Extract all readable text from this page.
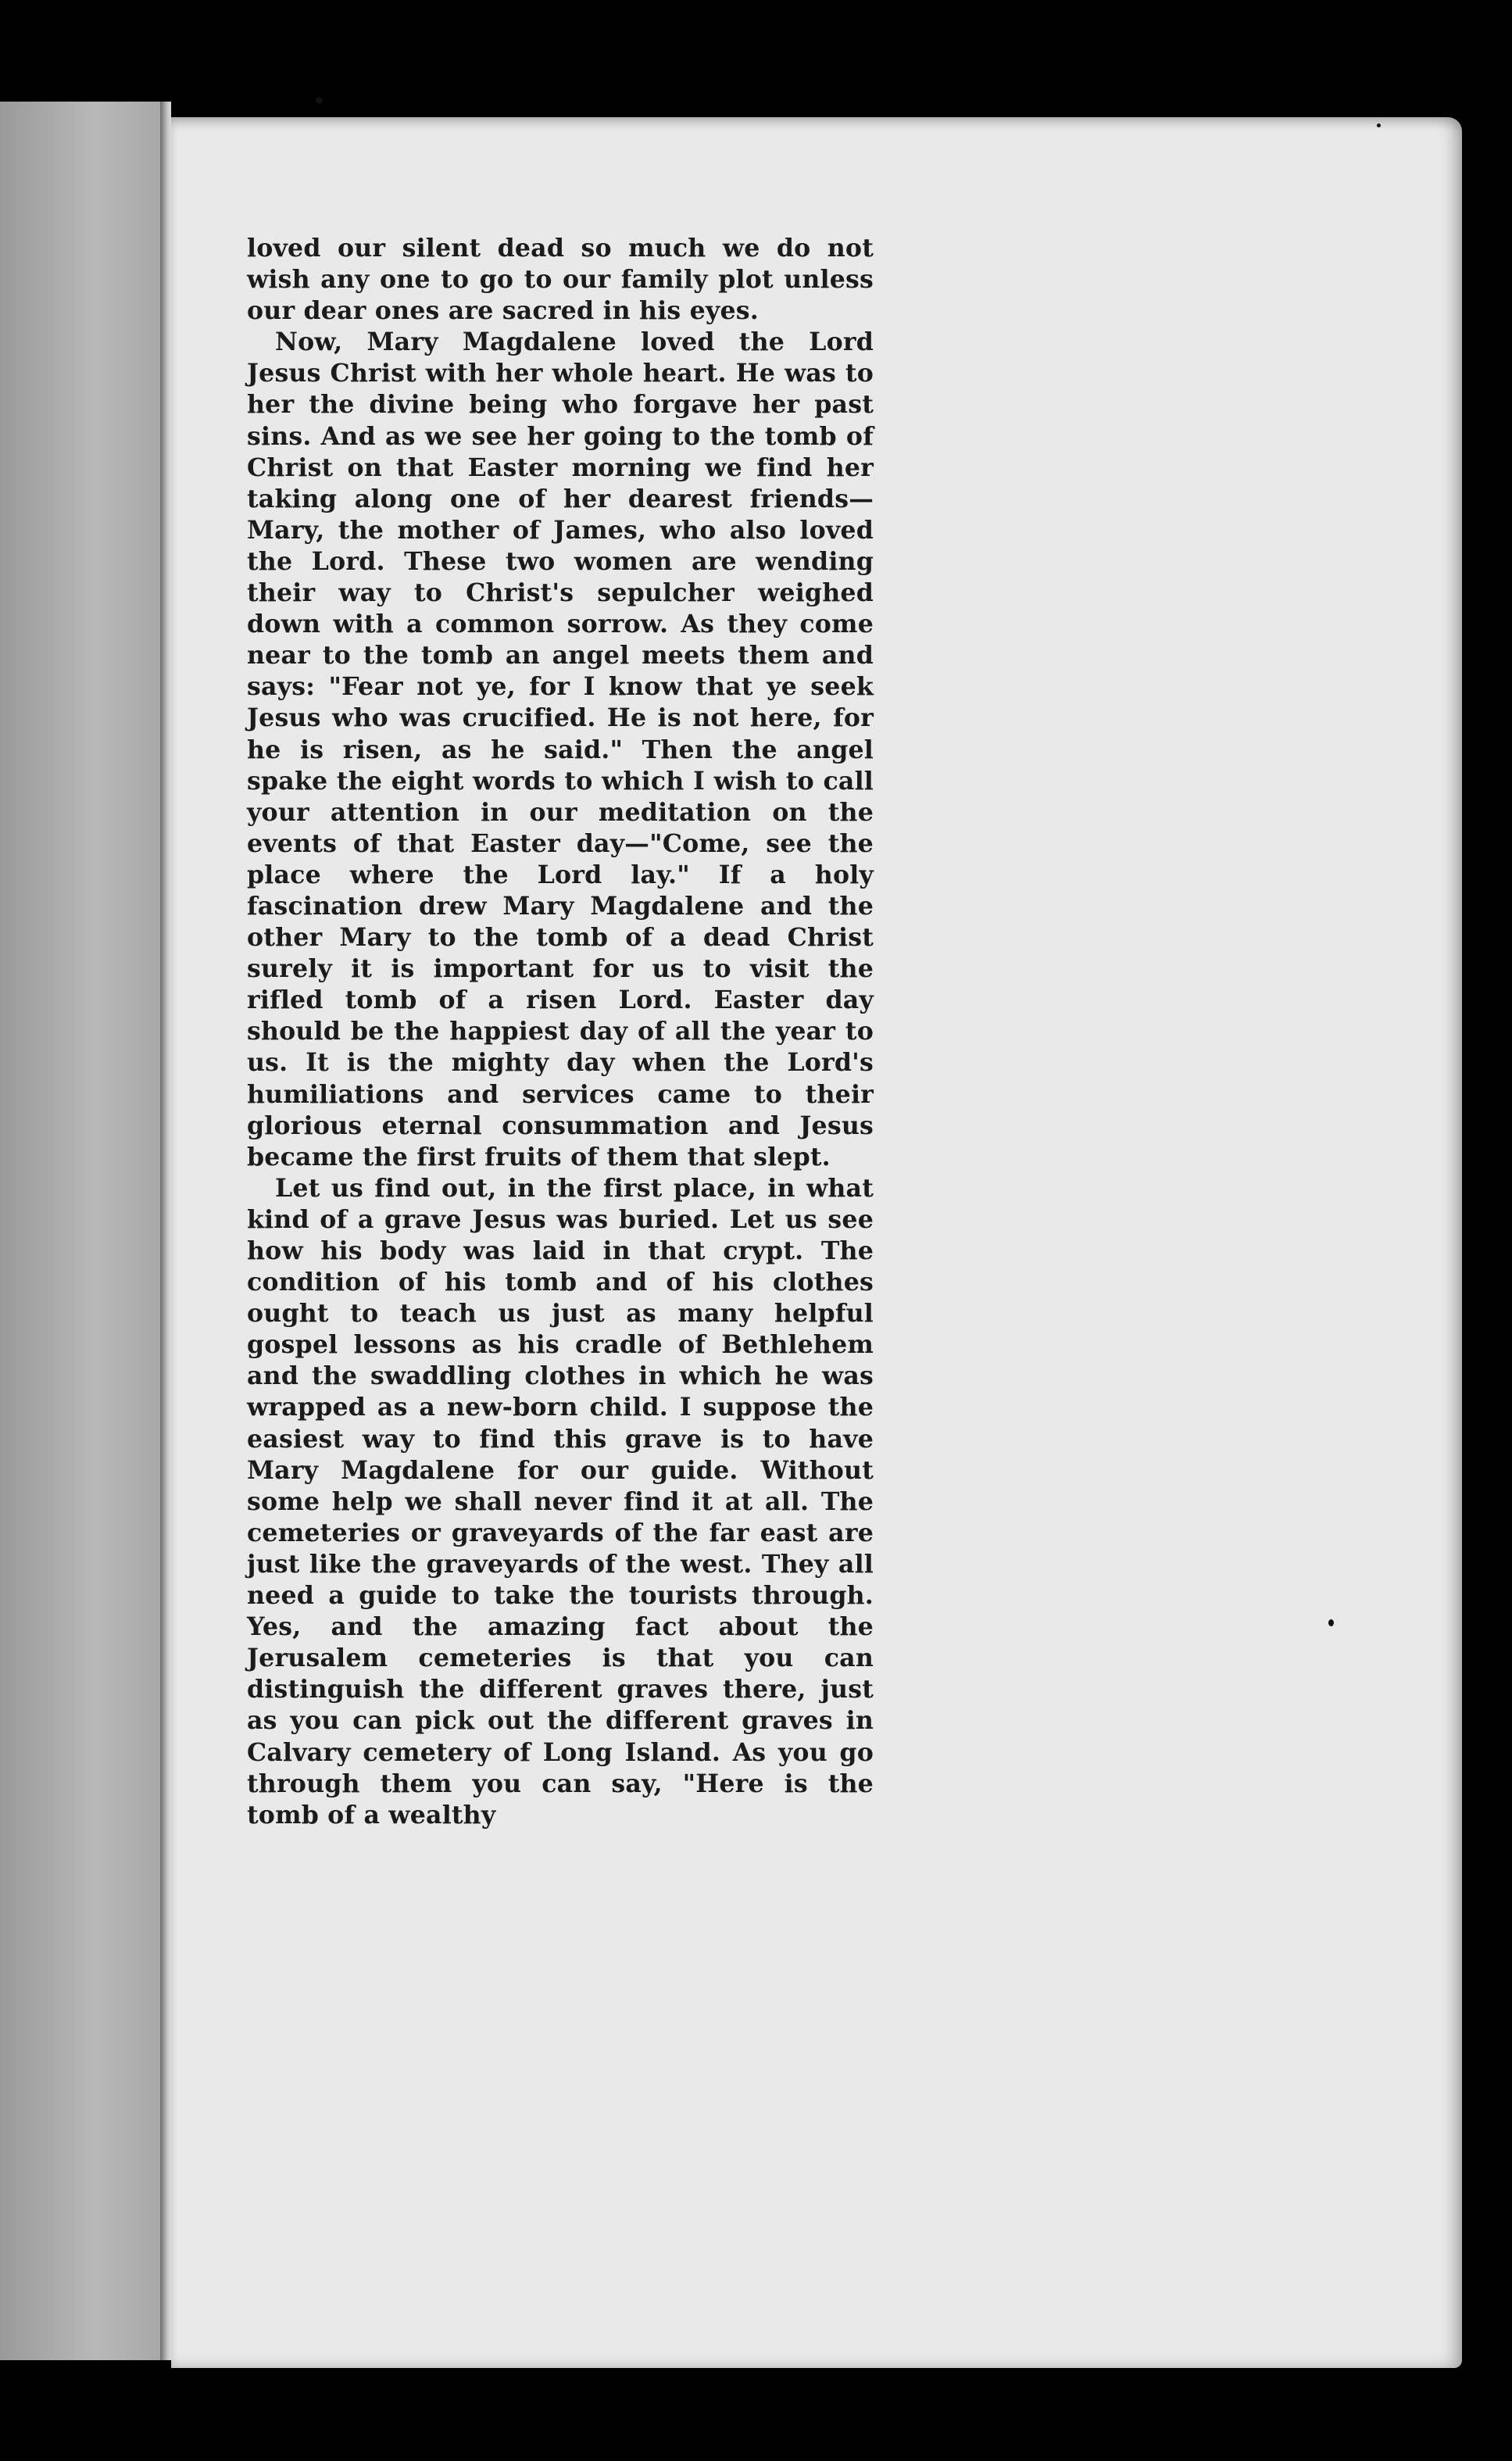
loved our silent dead so much we do not wish any one to go to our family plot unless our dear ones are sacred in his eyes.

Now, Mary Magdalene loved the Lord Jesus Christ with her whole heart. He was to her the divine being who forgave her past sins. And as we see her going to the tomb of Christ on that Easter morning we find her taking along one of her dearest friends—Mary, the mother of James, who also loved the Lord. These two women are wending their way to Christ's sepulcher weighed down with a common sorrow. As they come near to the tomb an angel meets them and says: "Fear not ye, for I know that ye seek Jesus who was crucified. He is not here, for he is risen, as he said." Then the angel spake the eight words to which I wish to call your attention in our meditation on the events of that Easter day—"Come, see the place where the Lord lay." If a holy fascination drew Mary Magdalene and the other Mary to the tomb of a dead Christ surely it is important for us to visit the rifled tomb of a risen Lord. Easter day should be the happiest day of all the year to us. It is the mighty day when the Lord's humiliations and services came to their glorious eternal consummation and Jesus became the first fruits of them that slept.

Let us find out, in the first place, in what kind of a grave Jesus was buried. Let us see how his body was laid in that crypt. The condition of his tomb and of his clothes ought to teach us just as many helpful gospel lessons as his cradle of Bethlehem and the swaddling clothes in which he was wrapped as a new-born child. I suppose the easiest way to find this grave is to have Mary Magdalene for our guide. Without some help we shall never find it at all. The cemeteries or graveyards of the far east are just like the graveyards of the west. They all need a guide to take the tourists through. Yes, and the amazing fact about the Jerusalem cemeteries is that you can distinguish the different graves there, just as you can pick out the different graves in Calvary cemetery of Long Island. As you go through them you can say, "Here is the tomb of a wealthy
